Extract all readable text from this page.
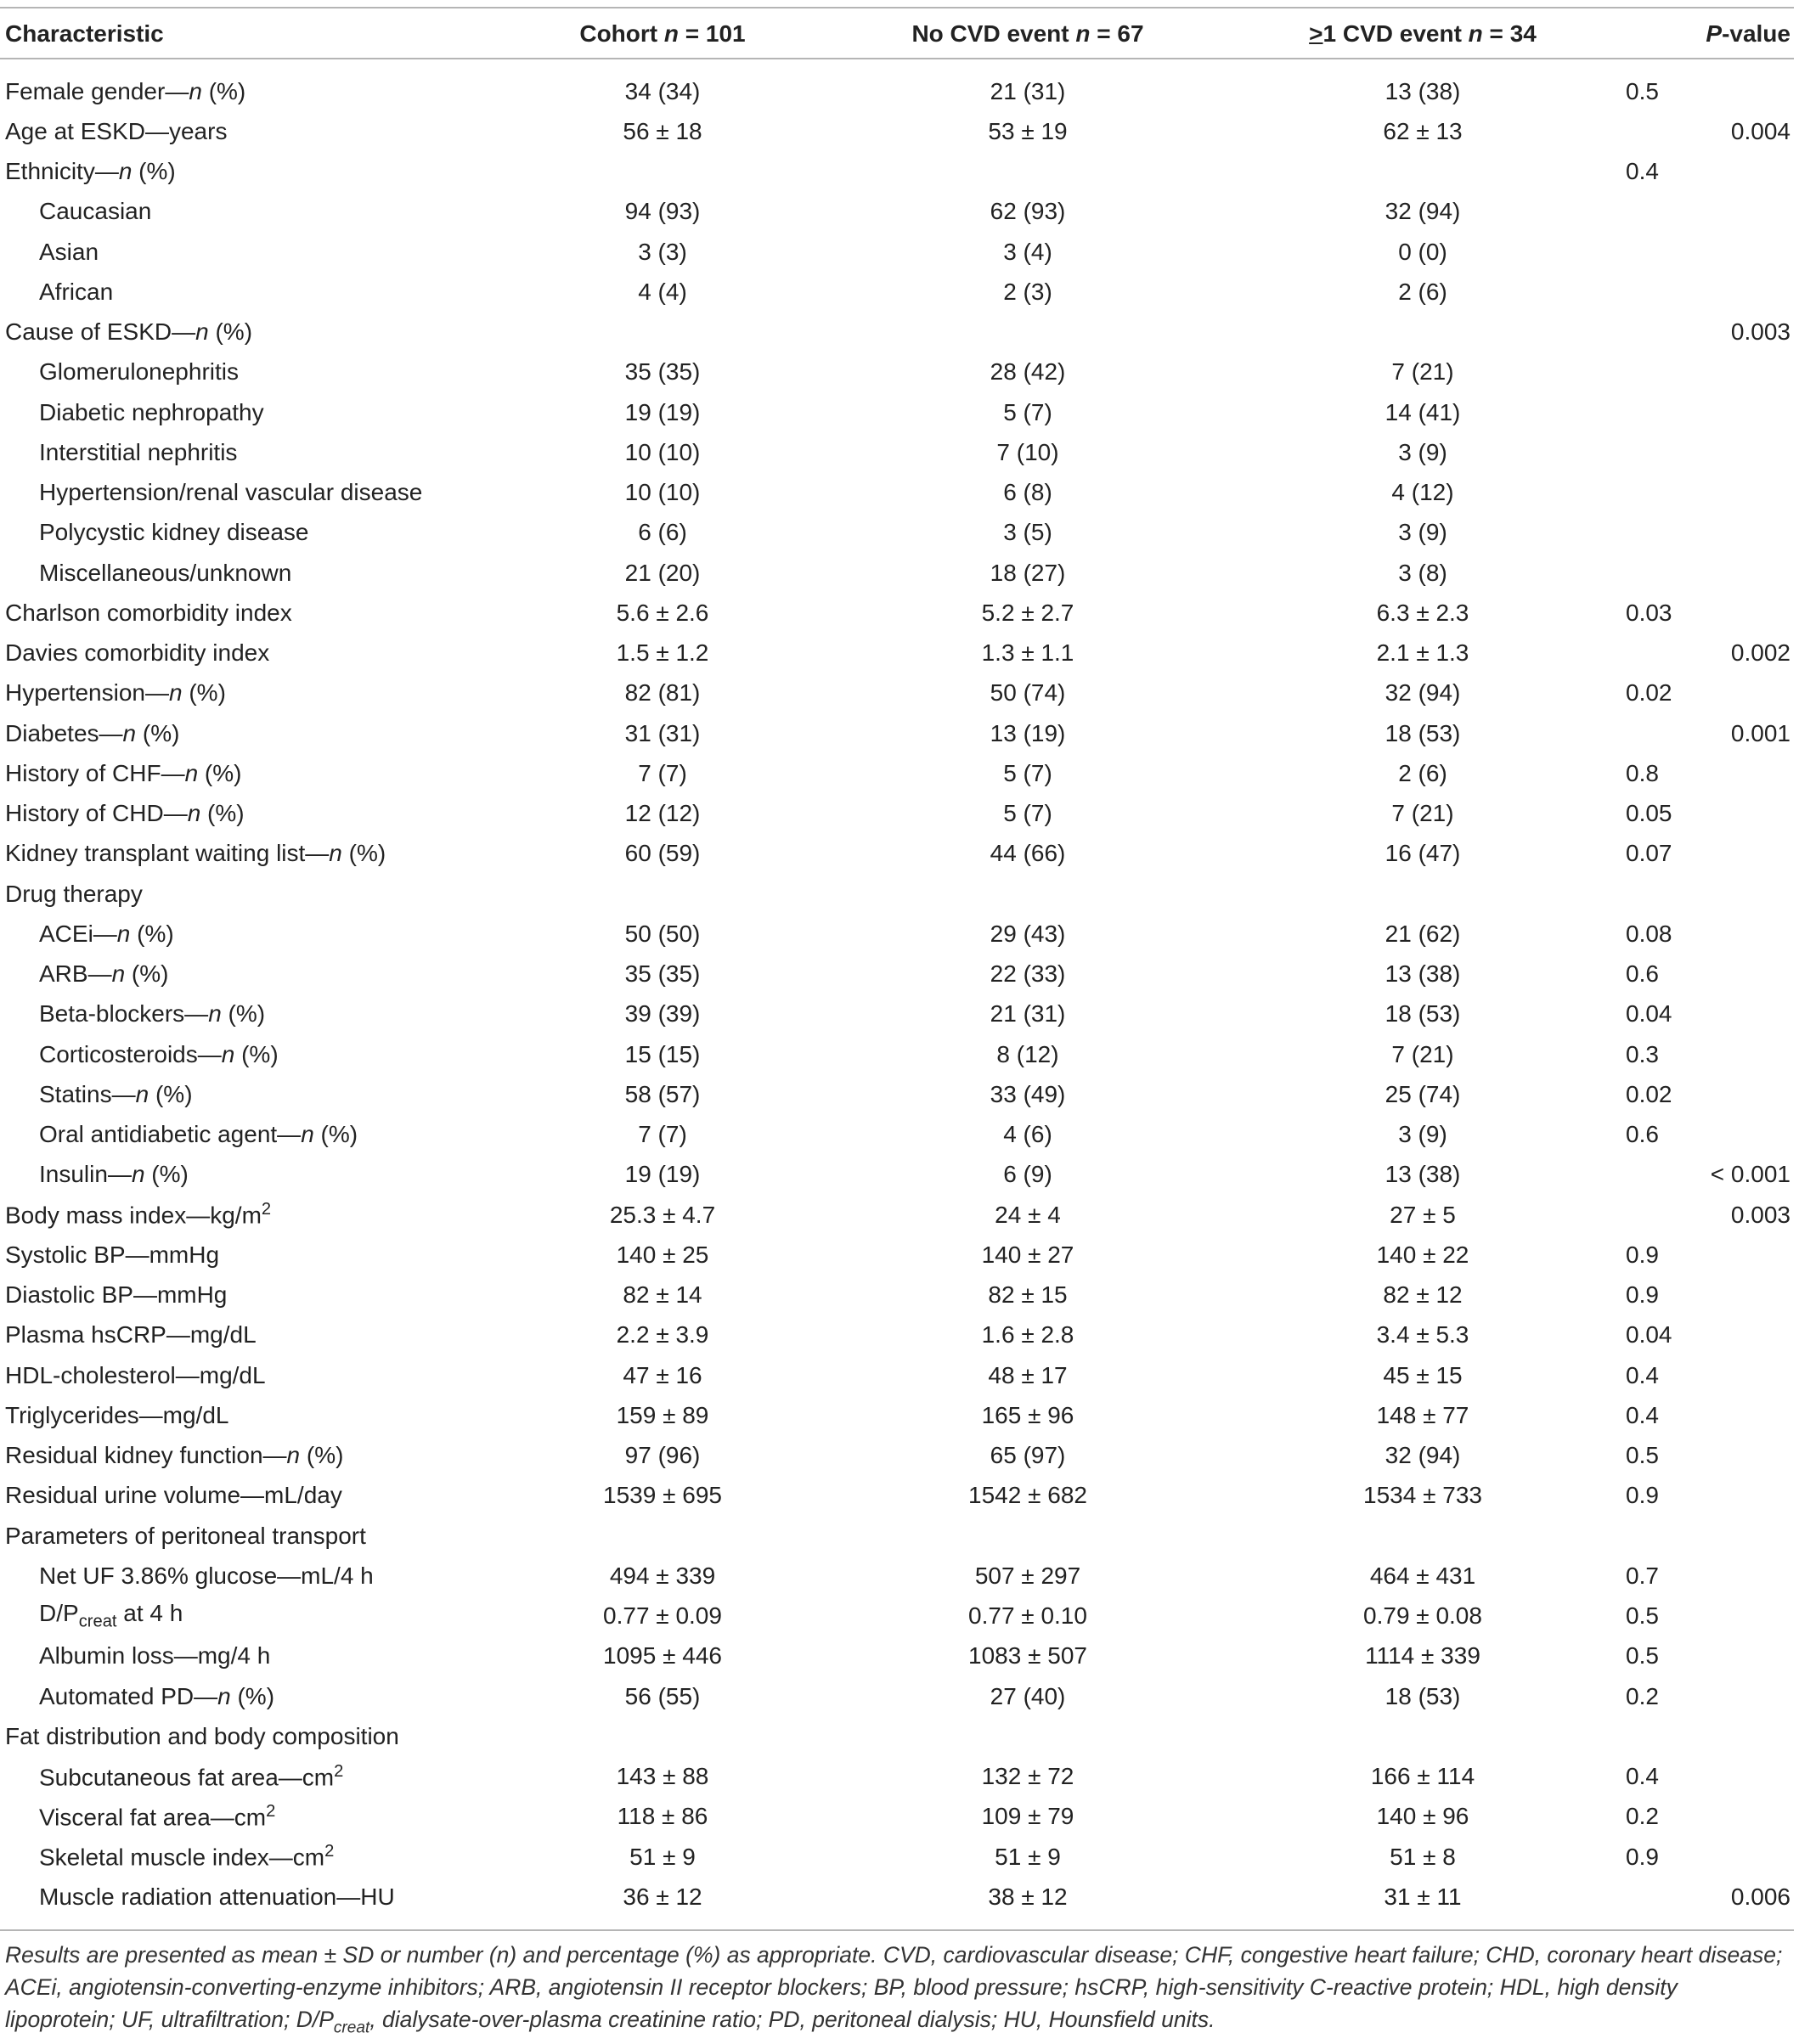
Characteristic	Cohort n = 101	No CVD event n = 67	>1 CVD event n = 34	P-value
Female gender—n (%)	34 (34)	21 (31)	13 (38)	0.5
Age at ESKD—years	56 ± 18	53 ± 19	62 ± 13	0.004
Ethnicity—n (%)				0.4
Caucasian	94 (93)	62 (93)	32 (94)	
Asian	3 (3)	3 (4)	0 (0)	
African	4 (4)	2 (3)	2 (6)	
Cause of ESKD—n (%)				0.003
Glomerulonephritis	35 (35)	28 (42)	7 (21)	
Diabetic nephropathy	19 (19)	5 (7)	14 (41)	
Interstitial nephritis	10 (10)	7 (10)	3 (9)	
Hypertension/renal vascular disease	10 (10)	6 (8)	4 (12)	
Polycystic kidney disease	6 (6)	3 (5)	3 (9)	
Miscellaneous/unknown	21 (20)	18 (27)	3 (8)	
Charlson comorbidity index	5.6 ± 2.6	5.2 ± 2.7	6.3 ± 2.3	0.03
Davies comorbidity index	1.5 ± 1.2	1.3 ± 1.1	2.1 ± 1.3	0.002
Hypertension—n (%)	82 (81)	50 (74)	32 (94)	0.02
Diabetes—n (%)	31 (31)	13 (19)	18 (53)	0.001
History of CHF—n (%)	7 (7)	5 (7)	2 (6)	0.8
History of CHD—n (%)	12 (12)	5 (7)	7 (21)	0.05
Kidney transplant waiting list—n (%)	60 (59)	44 (66)	16 (47)	0.07
Drug therapy				
ACEi—n (%)	50 (50)	29 (43)	21 (62)	0.08
ARB—n (%)	35 (35)	22 (33)	13 (38)	0.6
Beta-blockers—n (%)	39 (39)	21 (31)	18 (53)	0.04
Corticosteroids—n (%)	15 (15)	8 (12)	7 (21)	0.3
Statins—n (%)	58 (57)	33 (49)	25 (74)	0.02
Oral antidiabetic agent—n (%)	7 (7)	4 (6)	3 (9)	0.6
Insulin—n (%)	19 (19)	6 (9)	13 (38)	< 0.001
Body mass $index—kg/m^2$	25.3 ± 4.7	24 ± 4	27 ± 5	0.003
Systolic BP—mmHg	140 ± 25	140 ± 27	140 ± 22	0.9
Diastolic BP—mmHg	82 ± 14	82 ± 15	82 ± 12	0.9
Plasma hsCRP—mg/dL	2.2 ± 3.9	1.6 ± 2.8	3.4 ± 5.3	0.04
HDL-cholesterol—mg/dL	47 ± 16	48 ± 17	45 ± 15	0.4
Triglycerides—mg/dL	159 ± 89	165 ± 96	148 ± 77	0.4
Residual kidney function—n (%)	97 (96)	65 (97)	32 (94)	0.5
Residual urine volume—mL/day	1539 ± 695	1542 ± 682	1534 ± 733	0.9
Parameters of peritoneal transport				
Net UF 3.86% glucose—mL/4 h	494 ± 339	507 ± 297	464 ± 431	0.7
$D/P_{creat}$ at 4 h	0.77 ± 0.09	0.77 ± 0.10	0.79 ± 0.08	0.5
Albumin loss—mg/4 h	1095 ± 446	1083 ± 507	1114 ± 339	0.5
Automated PD—n (%)	56 (55)	27 (40)	18 (53)	0.2
Fat distribution and body composition				
Subcutaneous fat $area—cm^2$	143 ± 88	132 ± 72	166 ± 114	0.4
Visceral fat $area—cm^2$	118 ± 86	109 ± 79	140 ± 96	0.2
Skeletal muscle $index—cm^2$	51 ± 9	51 ± 9	51 ± 8	0.9
Muscle radiation attenuation—HU	36 ± 12	38 ± 12	31 ± 11	0.006
Results are presented as mean ± SD or number (n) and percentage (%) as appropriate. CVD, cardiovascular disease; CHF, congestive heart failure; CHD, coronary heart disease; ACEi, angiotensin-converting-enzyme inhibitors; ARB, angiotensin II receptor blockers; BP, blood pressure; hsCRP, high-sensitivity C-reactive protein; HDL, high density lipoprotein; UF, ultrafiltration; $D/P_{creat}$, dialysate-over-plasma creatinine ratio; PD, peritoneal dialysis; HU, Hounsfield units.
